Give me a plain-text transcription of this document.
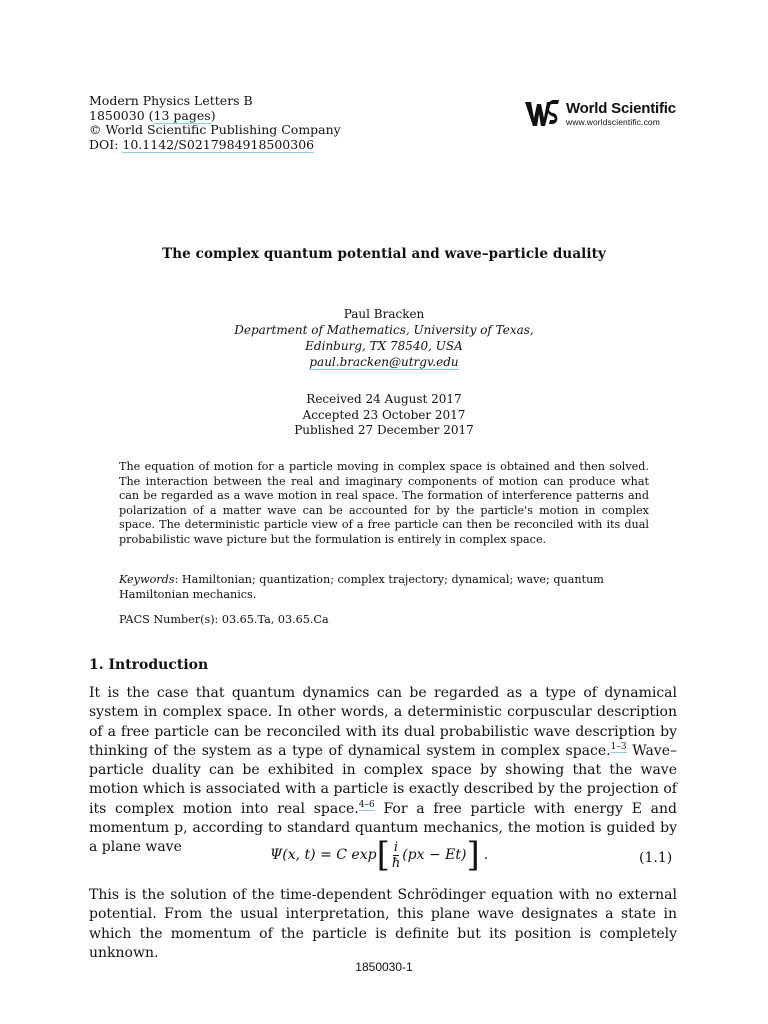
Modern Physics Letters B
1850030 (13 pages)
© World Scientific Publishing Company
DOI: 10.1142/S0217984918500306
World Scientific
www.worldscientific.com
The complex quantum potential and wave–particle duality
Paul Bracken
Department of Mathematics, University of Texas,
Edinburg, TX 78540, USA
paul.bracken@utrgv.edu
Received 24 August 2017
Accepted 23 October 2017
Published 27 December 2017
The equation of motion for a particle moving in complex space is obtained and then solved. The interaction between the real and imaginary components of motion can produce what can be regarded as a wave motion in real space. The formation of interference patterns and polarization of a matter wave can be accounted for by the particle's motion in complex space. The deterministic particle view of a free particle can then be reconciled with its dual probabilistic wave picture but the formulation is entirely in complex space.
Keywords: Hamiltonian; quantization; complex trajectory; dynamical; wave; quantum Hamiltonian mechanics.
PACS Number(s): 03.65.Ta, 03.65.Ca
1. Introduction
It is the case that quantum dynamics can be regarded as a type of dynamical system in complex space. In other words, a deterministic corpuscular description of a free particle can be reconciled with its dual probabilistic wave description by thinking of the system as a type of dynamical system in complex space.$^{1-3}$ Wave–particle duality can be exhibited in complex space by showing that the wave motion which is associated with a particle is exactly described by the projection of its complex motion into real space.$^{4-6}$ For a free particle with energy E and momentum p, according to standard quantum mechanics, the motion is guided by a plane wave	Ψ(x, t) = C exp [ $\frac{i}{ħ} (px - Et)$ ] .	(1.1)
This is the solution of the time-dependent Schrödinger equation with no external potential. From the usual interpretation, this plane wave designates a state in which the momentum of the particle is definite but its position is completely unknown.
1850030-1
